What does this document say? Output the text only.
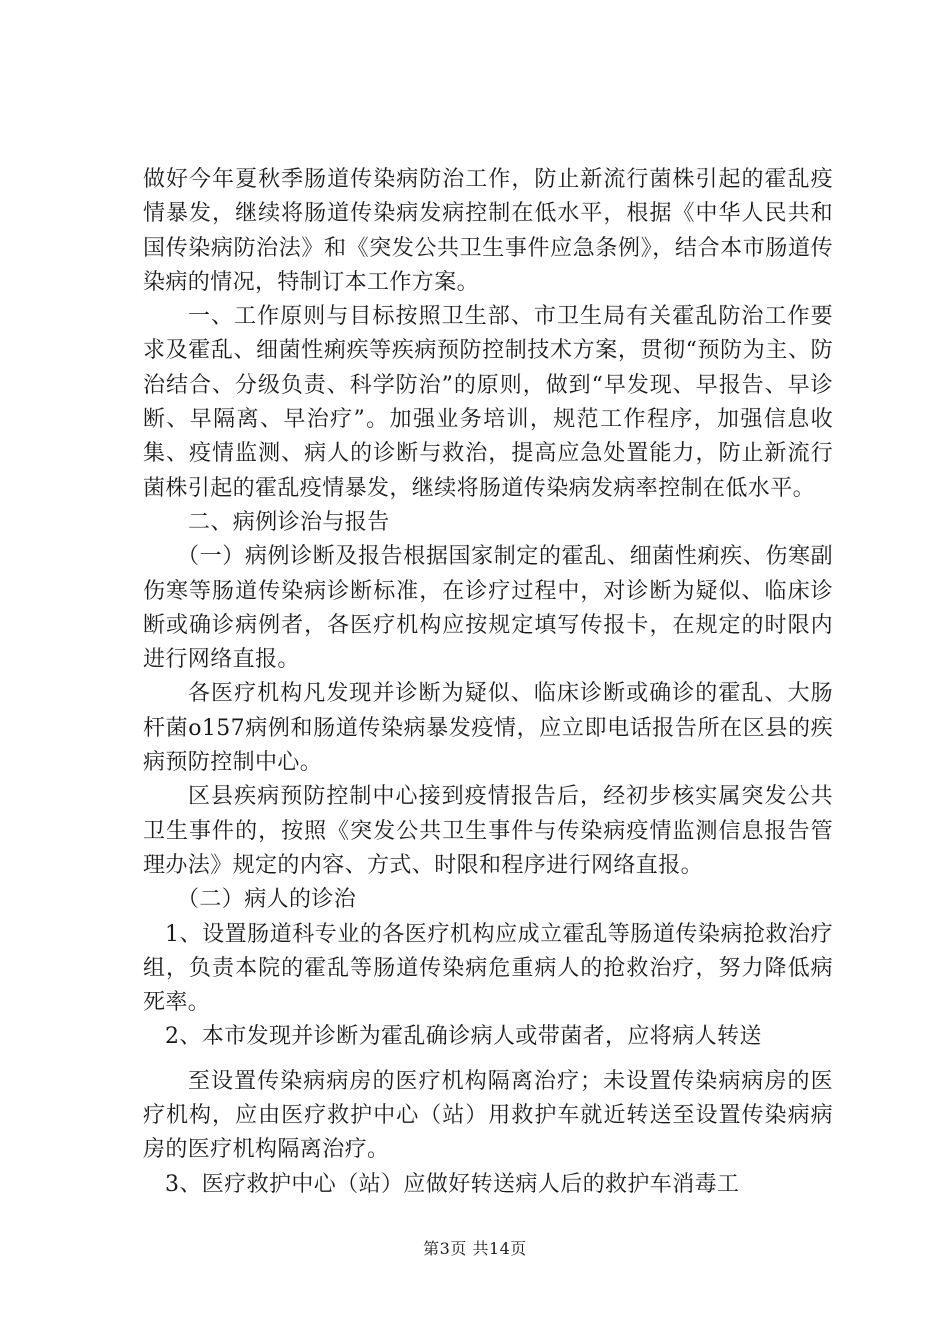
做好今年夏秋季肠道传染病防治工作，防止新流行菌株引起的霍乱疫情暴发，继续将肠道传染病发病控制在低水平，根据《中华人民共和国传染病防治法》和《突发公共卫生事件应急条例》，结合本市肠道传染病的情况，特制订本工作方案。

一、工作原则与目标按照卫生部、市卫生局有关霍乱防治工作要求及霍乱、细菌性痢疾等疾病预防控制技术方案，贯彻“预防为主、防治结合、分级负责、科学防治”的原则，做到“早发现、早报告、早诊断、早隔离、早治疗”。加强业务培训，规范工作程序，加强信息收集、疫情监测、病人的诊断与救治，提高应急处置能力，防止新流行菌株引起的霍乱疫情暴发，继续将肠道传染病发病率控制在低水平。

二、病例诊治与报告

（一）病例诊断及报告根据国家制定的霍乱、细菌性痢疾、伤寒副伤寒等肠道传染病诊断标准，在诊疗过程中，对诊断为疑似、临床诊断或确诊病例者，各医疗机构应按规定填写传报卡，在规定的时限内进行网络直报。

各医疗机构凡发现并诊断为疑似、临床诊断或确诊的霍乱、大肠杆菌o157病例和肠道传染病暴发疫情，应立即电话报告所在区县的疾病预防控制中心。

区县疾病预防控制中心接到疫情报告后，经初步核实属突发公共卫生事件的，按照《突发公共卫生事件与传染病疫情监测信息报告管理办法》规定的内容、方式、时限和程序进行网络直报。

（二）病人的诊治

1、设置肠道科专业的各医疗机构应成立霍乱等肠道传染病抢救治疗组，负责本院的霍乱等肠道传染病危重病人的抢救治疗，努力降低病死率。

2、本市发现并诊断为霍乱确诊病人或带菌者，应将病人转送

至设置传染病病房的医疗机构隔离治疗；未设置传染病病房的医疗机构，应由医疗救护中心（站）用救护车就近转送至设置传染病病房的医疗机构隔离治疗。

3、医疗救护中心（站）应做好转送病人后的救护车消毒工

第3页 共14页
